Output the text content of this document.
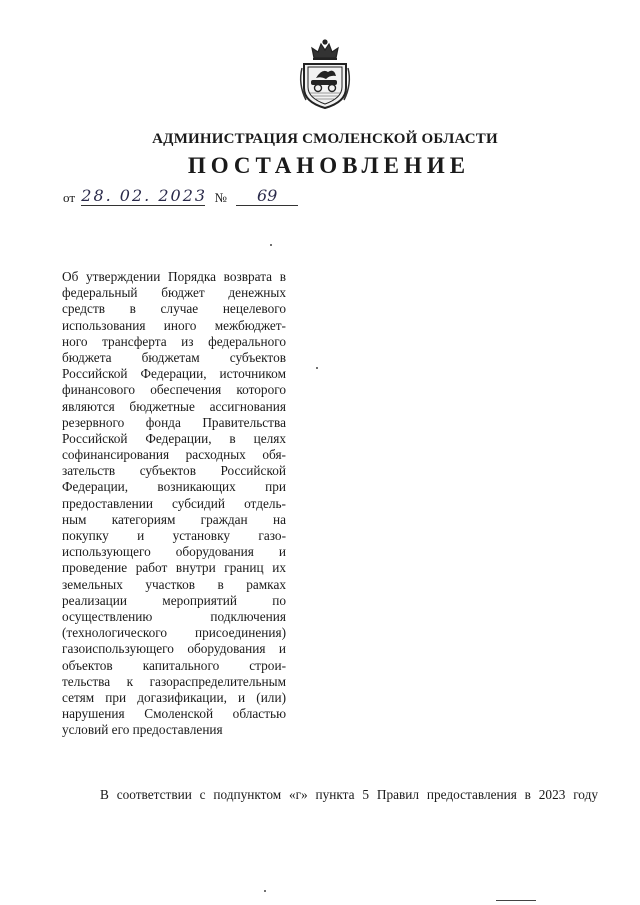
АДМИНИСТРАЦИЯ СМОЛЕНСКОЙ ОБЛАСТИ
ПОСТАНОВЛЕНИЕ
от 28. 02. 2023 № 69
Об утверждении Порядка возврата в
федеральный бюджет денежных
средств в случае нецелевого
использования иного межбюджет-
ного трансферта из федерального
бюджета бюджетам субъектов
Российской Федерации, источником
финансового обеспечения которого
являются бюджетные ассигнования
резервного фонда Правительства
Российской Федерации, в целях
софинансирования расходных обя-
зательств субъектов Российской
Федерации, возникающих при
предоставлении субсидий отдель-
ным категориям граждан на
покупку и установку газо-
использующего оборудования и
проведение работ внутри границ их
земельных участков в рамках
реализации мероприятий по
осуществлению подключения
(технологического присоединения)
газоиспользующего оборудования и
объектов капитального строи-
тельства к газораспределительным
сетям при догазификации, и (или)
нарушения Смоленской областью
условий его предоставления
В соответствии с подпунктом «г» пункта 5 Правил предоставления в 2023 году
